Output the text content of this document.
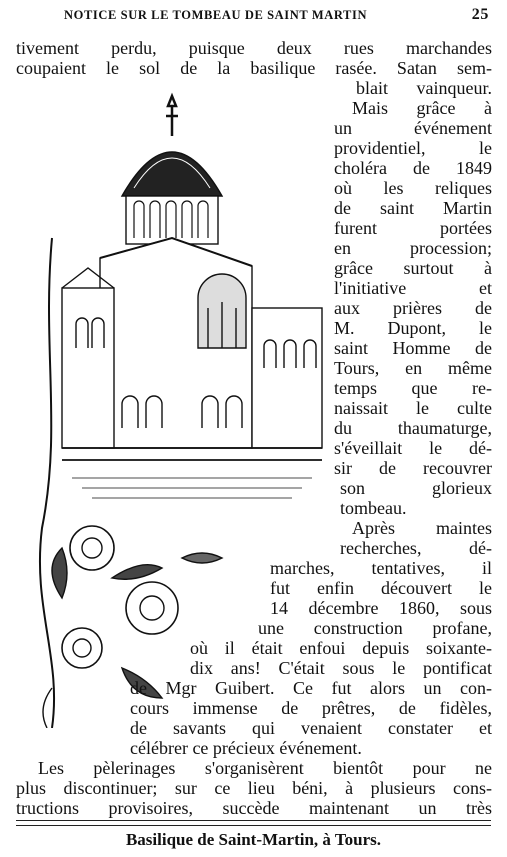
NOTICE SUR LE TOMBEAU DE SAINT MARTIN	25
tivement perdu, puisque deux rues marchandes
coupaient le sol de la basilique rasée. Satan sem-
blait vainqueur.
Mais grâce à
un événement
providentiel, le
choléra de 1849
où les reliques
de saint Martin
furent portées
en procession;
grâce surtout à
l'initiative et
aux prières de
M. Dupont, le
saint Homme de
Tours, en même
temps que re-
naissait le culte
du thaumaturge,
s'éveillait le dé-
sir de recouvrer
son glorieux
tombeau.
Après maintes
recherches, dé-
marches, tentatives, il
fut enfin découvert le
14 décembre 1860, sous
une construction profane,
où il était enfoui depuis soixante-
dix ans! C'était sous le pontificat
de Mgr Guibert. Ce fut alors un con-
cours immense de prêtres, de fidèles,
de savants qui venaient constater et
célébrer ce précieux événement.
Les pèlerinages s'organisèrent bientôt pour ne
plus discontinuer; sur ce lieu béni, à plusieurs cons-
tructions provisoires, succède maintenant un très
Basilique de Saint-Martin, à Tours.
